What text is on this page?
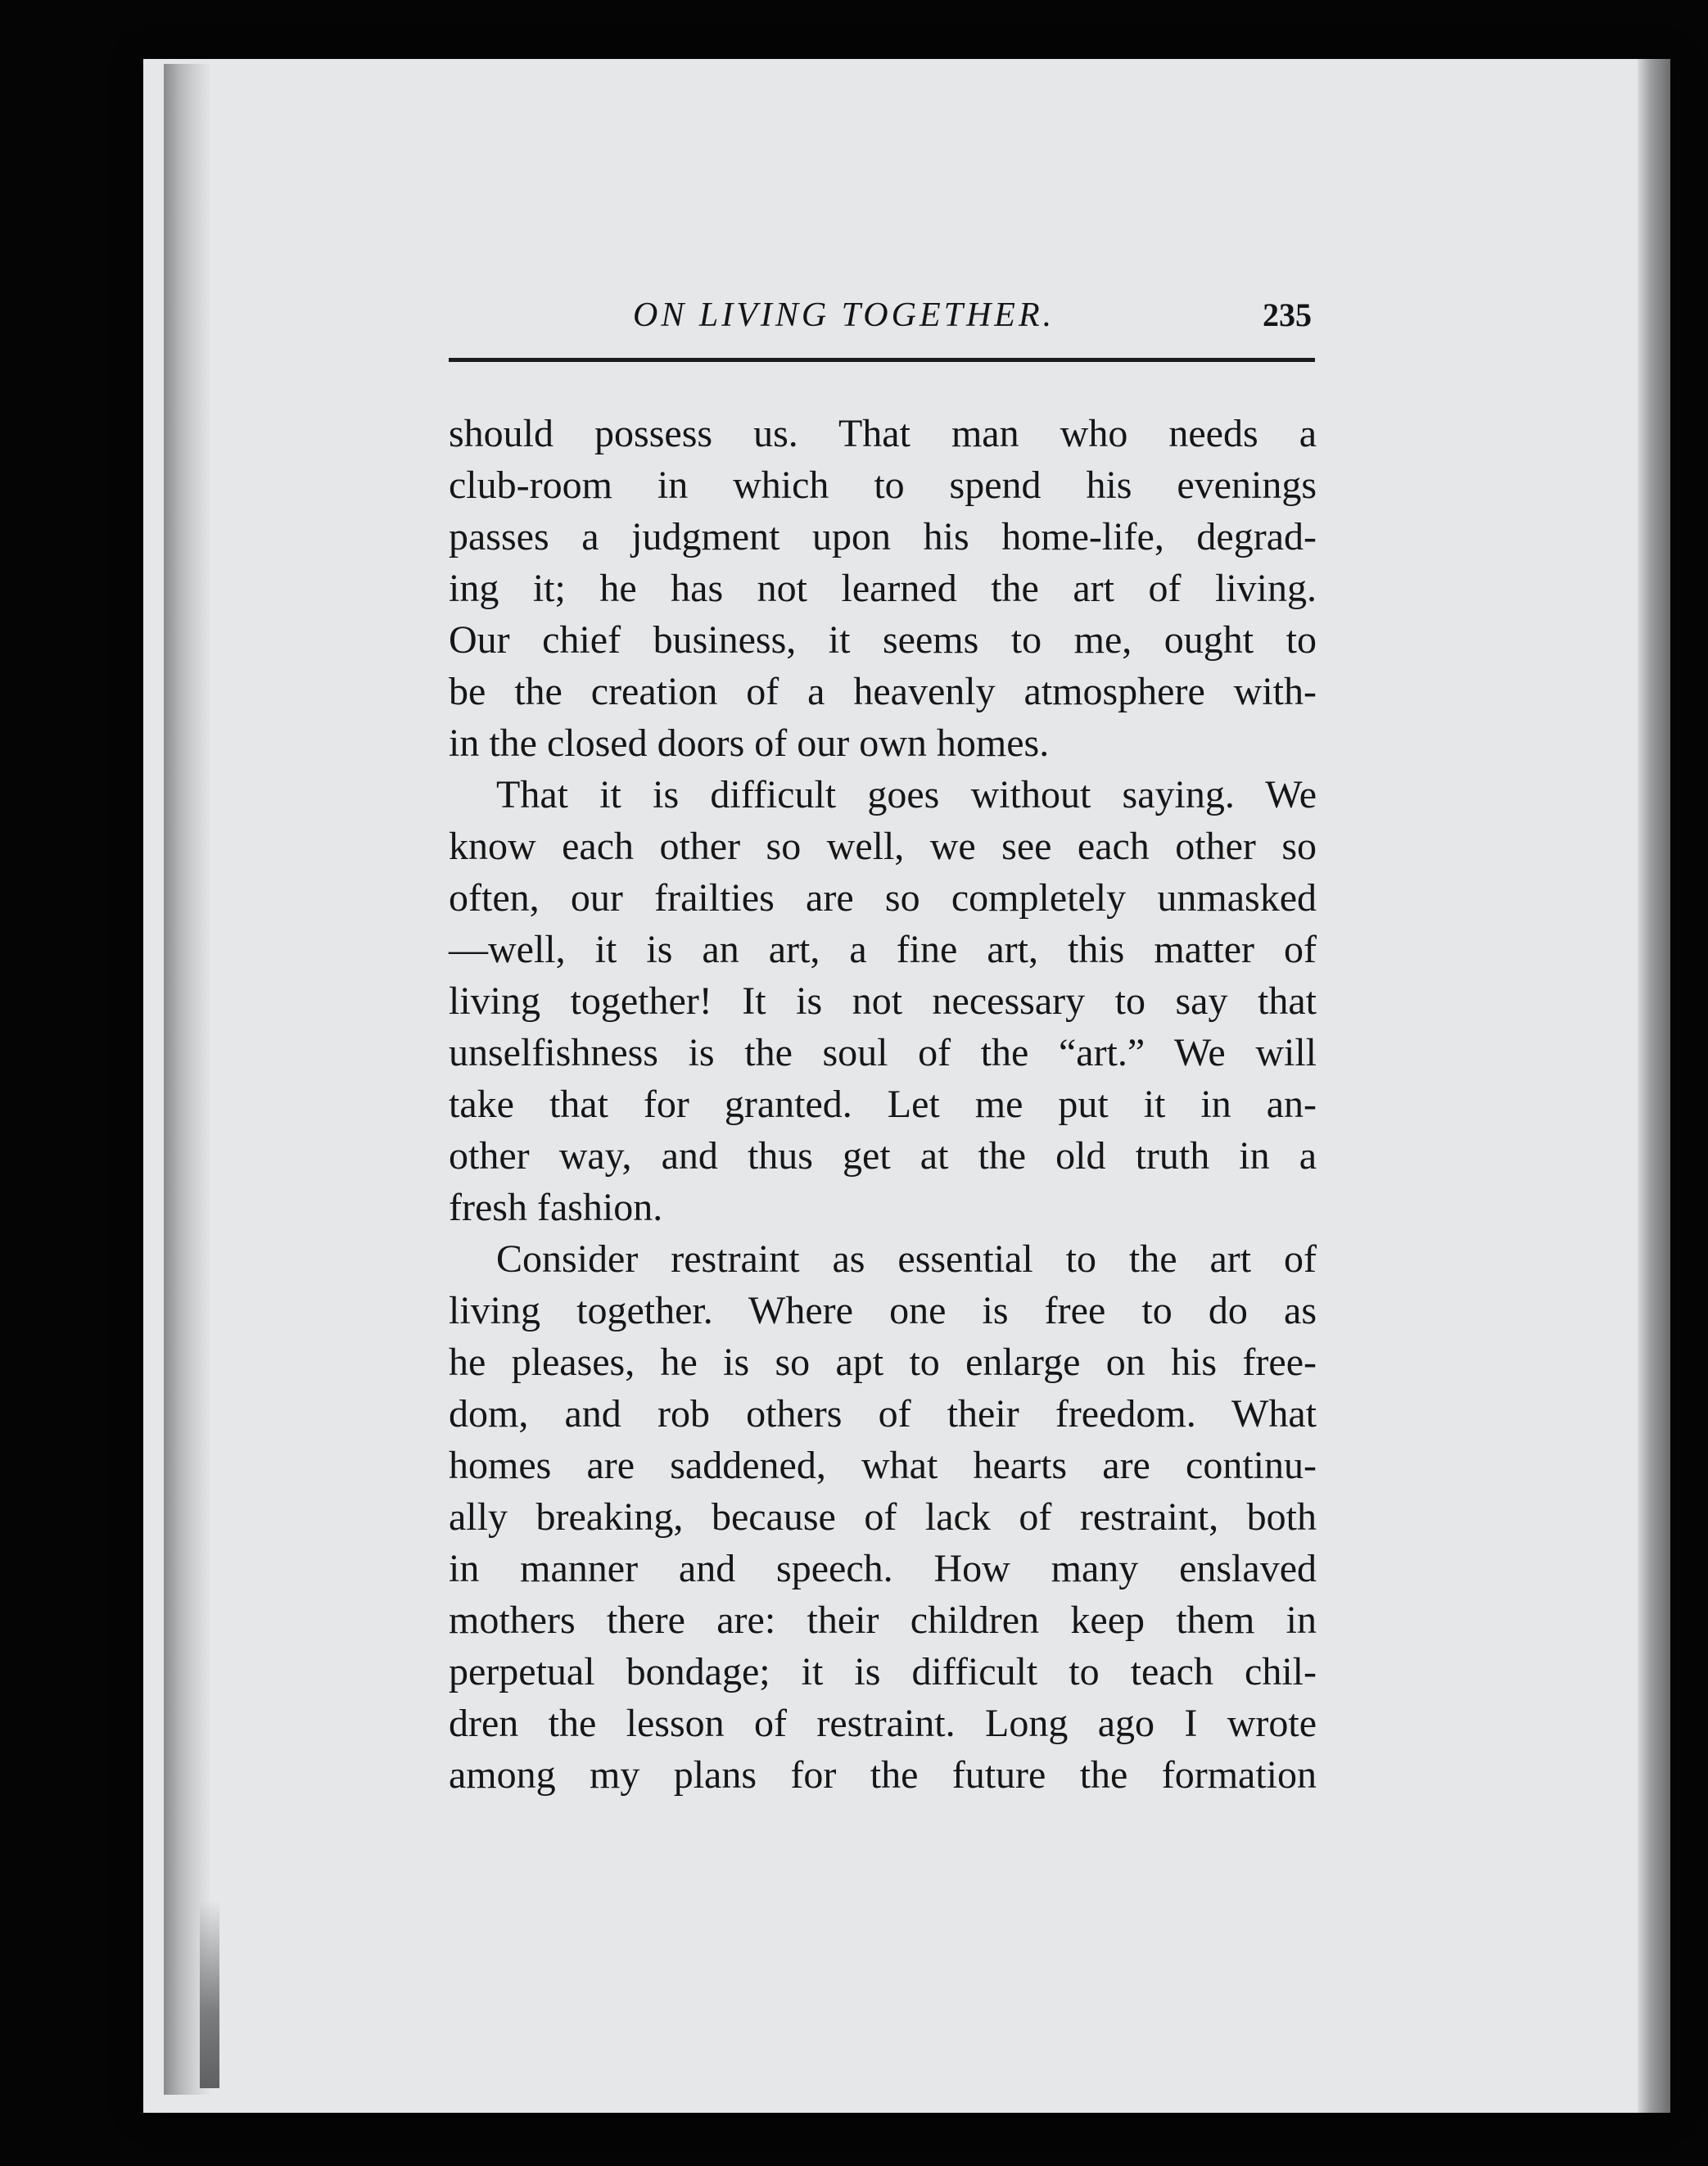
ON LIVING TOGETHER.	235
should possess us. That man who needs a
club-room in which to spend his evenings
passes a judgment upon his home-life, degrad-
ing it; he has not learned the art of living.
Our chief business, it seems to me, ought to
be the creation of a heavenly atmosphere with-
in the closed doors of our own homes.
That it is difficult goes without saying. We
know each other so well, we see each other so
often, our frailties are so completely unmasked
—well, it is an art, a fine art, this matter of
living together! It is not necessary to say that
unselfishness is the soul of the “art.” We will
take that for granted. Let me put it in an-
other way, and thus get at the old truth in a
fresh fashion.
Consider restraint as essential to the art of
living together. Where one is free to do as
he pleases, he is so apt to enlarge on his free-
dom, and rob others of their freedom. What
homes are saddened, what hearts are continu-
ally breaking, because of lack of restraint, both
in manner and speech. How many enslaved
mothers there are: their children keep them in
perpetual bondage; it is difficult to teach chil-
dren the lesson of restraint. Long ago I wrote
among my plans for the future the formation
